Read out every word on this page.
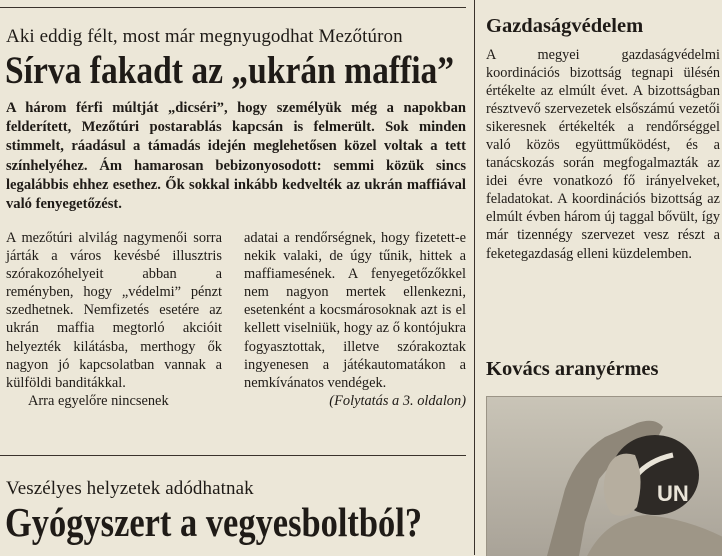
Aki eddig félt, most már megnyugodhat Mezőtúron
Sírva fakadt az „ukrán maffia”
A három férfi múltját „dicséri”, hogy személyük még a napokban felderített, Mezőtúri postarablás kapcsán is felmerült. Sok minden stimmelt, ráadásul a támadás idején meglehetősen közel voltak a tett színhelyéhez. Ám hamarosan bebizonyosodott: semmi közük sincs legalábbis ehhez esethez. Ők sokkal inkább kedvelték az ukrán maffiával való fenyegetőzést.

A mezőtúri alvilág nagymenői sorra járták a város kevésbé illusztris szórakozóhelyeit abban a reményben, hogy „védelmi” pénzt szedhetnek. Nemfizetés esetére az ukrán maffia megtorló akcióit helyezték kilátásba, merthogy ők nagyon jó kapcsolatban vannak a külföldi banditákkal.

Arra egyelőre nincsenek

adatai a rendőrségnek, hogy fizetett-e nekik valaki, de úgy tűnik, hittek a maffiamesének. A fenyegetőzőkkel nem nagyon mertek ellenkezni, esetenként a kocsmárosoknak azt is el kellett viselniük, hogy az ő kontójukra fogyasztottak, illetve szórakoztak ingyenesen a játékautomatákon a nemkívánatos vendégek.

(Folytatás a 3. oldalon)

Veszélyes helyzetek adódhatnak
Gyógyszert a vegyesboltból?
Gazdaságvédelem
A megyei gazdaságvédelmi koordinációs bizottság tegnapi ülésén értékelte az elmúlt évet. A bizottságban résztvevő szervezetek elsőszámú vezetői sikeresnek értékelték a rendőrséggel való közös együttműködést, és a tanácskozás során megfogalmazták az idei évre vonatkozó fő irányelveket, feladatokat. A koordinációs bizottság az elmúlt évben három új taggal bővült, így már tizennégy szervezet vesz részt a feketegazdaság elleni küzdelemben.
Kovács aranyérmes
UN
